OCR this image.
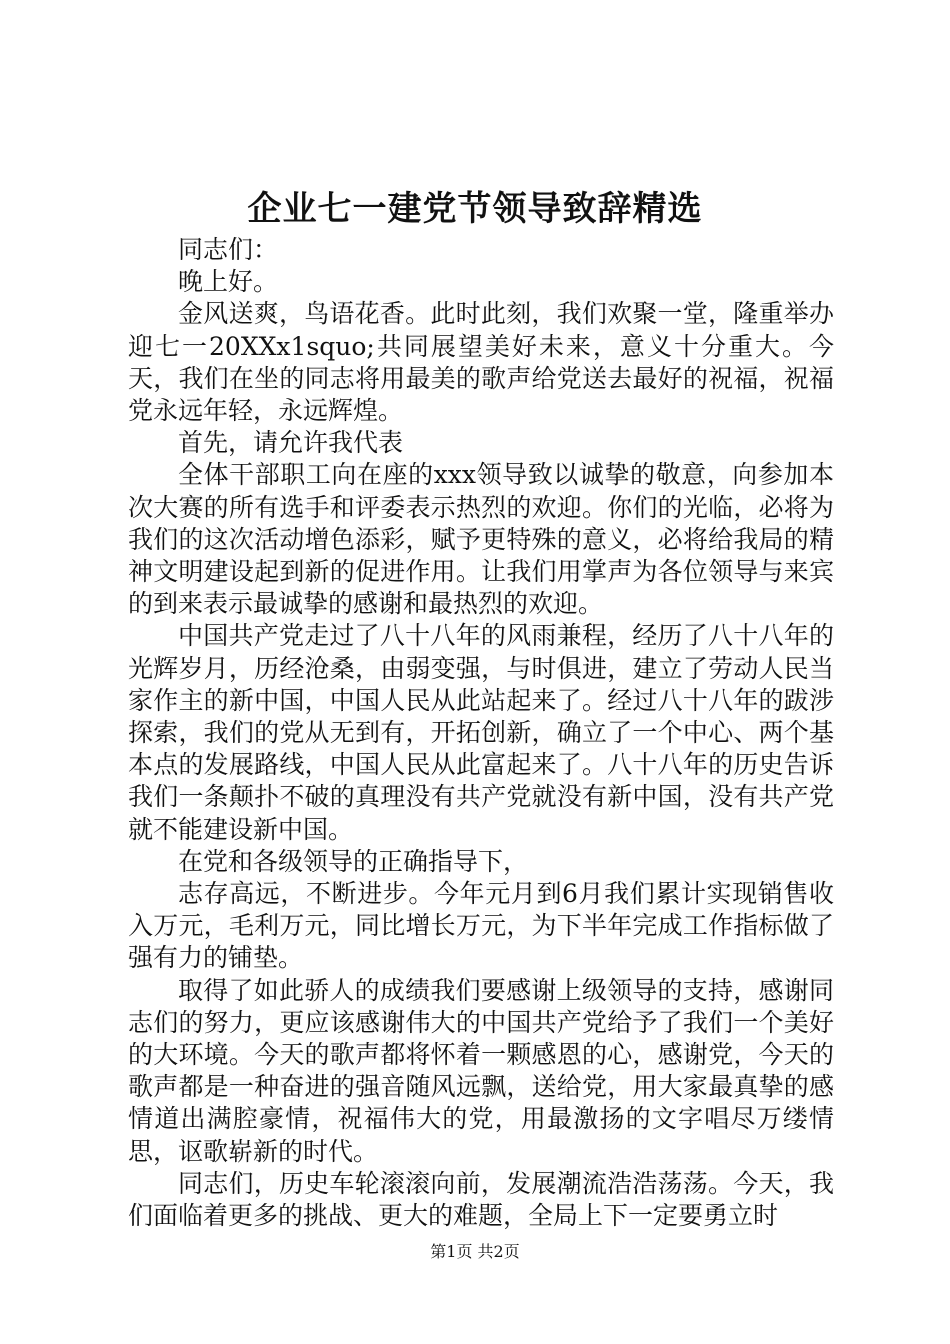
企业七一建党节领导致辞精选

同志们：

晚上好。

金风送爽，鸟语花香。此时此刻，我们欢聚一堂，隆重举办迎七一20XXx1squo;共同展望美好未来，意义十分重大。今天，我们在坐的同志将用最美的歌声给党送去最好的祝福，祝福党永远年轻，永远辉煌。

首先，请允许我代表

全体干部职工向在座的xxx领导致以诚挚的敬意，向参加本次大赛的所有选手和评委表示热烈的欢迎。你们的光临，必将为我们的这次活动增色添彩，赋予更特殊的意义，必将给我局的精神文明建设起到新的促进作用。让我们用掌声为各位领导与来宾的到来表示最诚挚的感谢和最热烈的欢迎。

中国共产党走过了八十八年的风雨兼程，经历了八十八年的光辉岁月，历经沧桑，由弱变强，与时俱进，建立了劳动人民当家作主的新中国，中国人民从此站起来了。经过八十八年的跋涉探索，我们的党从无到有，开拓创新，确立了一个中心、两个基本点的发展路线，中国人民从此富起来了。八十八年的历史告诉我们一条颠扑不破的真理没有共产党就没有新中国，没有共产党就不能建设新中国。

在党和各级领导的正确指导下，

志存高远，不断进步。今年元月到6月我们累计实现销售收入万元，毛利万元，同比增长万元，为下半年完成工作指标做了强有力的铺垫。

取得了如此骄人的成绩我们要感谢上级领导的支持，感谢同志们的努力，更应该感谢伟大的中国共产党给予了我们一个美好的大环境。今天的歌声都将怀着一颗感恩的心，感谢党，今天的歌声都是一种奋进的强音随风远飘，送给党，用大家最真挚的感情道出满腔豪情，祝福伟大的党，用最激扬的文字唱尽万缕情思，讴歌崭新的时代。

同志们，历史车轮滚滚向前，发展潮流浩浩荡荡。今天，我们面临着更多的挑战、更大的难题，全局上下一定要勇立时

第1页 共2页
